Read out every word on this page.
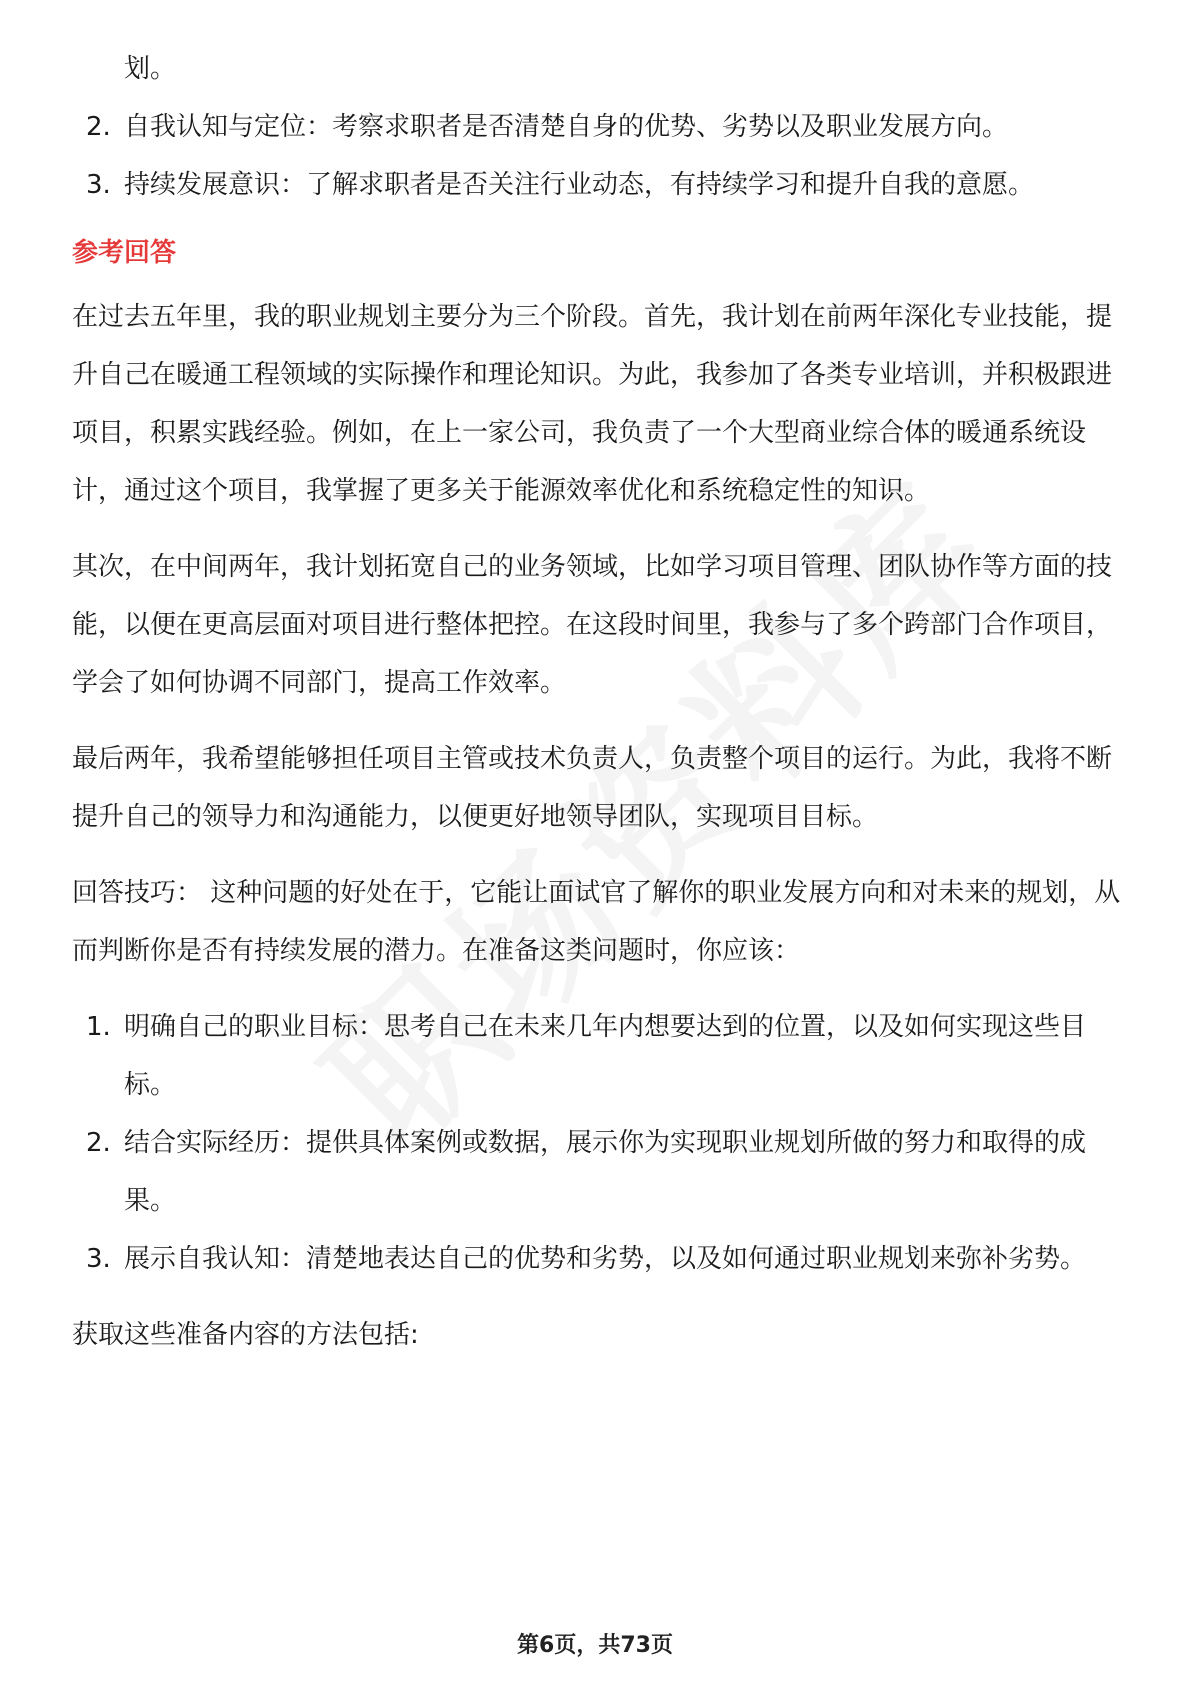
划。
2. 自我认知与定位：考察求职者是否清楚自身的优势、劣势以及职业发展方向。
3. 持续发展意识：了解求职者是否关注行业动态，有持续学习和提升自我的意愿。
参考回答

在过去五年里，我的职业规划主要分为三个阶段。首先，我计划在前两年深化专业技能，提升自己在暖通工程领域的实际操作和理论知识。为此，我参加了各类专业培训，并积极跟进项目，积累实践经验。例如，在上一家公司，我负责了一个大型商业综合体的暖通系统设计，通过这个项目，我掌握了更多关于能源效率优化和系统稳定性的知识。

其次，在中间两年，我计划拓宽自己的业务领域，比如学习项目管理、团队协作等方面的技能，以便在更高层面对项目进行整体把控。在这段时间里，我参与了多个跨部门合作项目，学会了如何协调不同部门，提高工作效率。

最后两年，我希望能够担任项目主管或技术负责人，负责整个项目的运行。为此，我将不断提升自己的领导力和沟通能力，以便更好地领导团队，实现项目目标。

回答技巧： 这种问题的好处在于，它能让面试官了解你的职业发展方向和对未来的规划，从而判断你是否有持续发展的潜力。在准备这类问题时，你应该：

1. 明确自己的职业目标：思考自己在未来几年内想要达到的位置，以及如何实现这些目标。
2. 结合实际经历：提供具体案例或数据，展示你为实现职业规划所做的努力和取得的成果。
3. 展示自我认知：清楚地表达自己的优势和劣势，以及如何通过职业规划来弥补劣势。

获取这些准备内容的方法包括:

第6页，共73页
